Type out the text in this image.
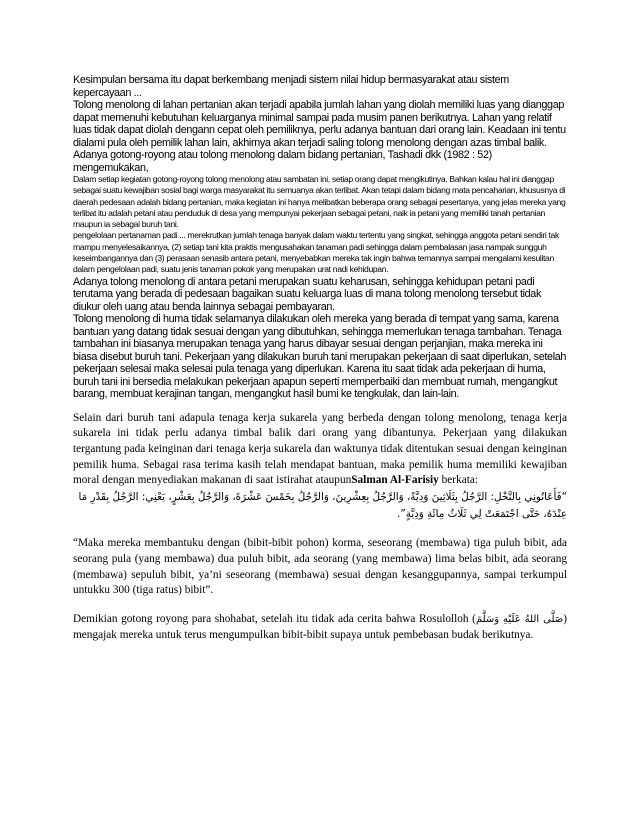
Kesimpulan bersama itu dapat berkembang menjadi sistem nilai hidup bermasyarakat atau sistem kepercayaan ...

Tolong menolong di lahan pertanian akan terjadi apabila jumlah lahan yang diolah memiliki luas yang dianggap dapat memenuhi kebutuhan keluarganya minimal sampai pada musim panen berikutnya. Lahan yang relatif luas tidak dapat diolah dengann cepat oleh pemiliknya, perlu adanya bantuan dari orang lain. Keadaan ini tentu dialami pula oleh pemilik lahan lain, akhirnya akan terjadi saling tolong menolong dengan azas timbal balik.

Adanya gotong-royong atau tolong menolong dalam bidang pertanian, Tashadi dkk (1982 : 52) mengemukakan,

Dalam setiap kegiatan gotong-royong tolong menolong atau sambatan ini, setiap orang dapat mengikutinya. Bahkan kalau hal ini dianggap sebagai suatu kewajiban sosial bagi warga masyarakat itu semuanya akan terlibat. Akan tetapi dalam bidang mata pencaharian, khususnya di daerah pedesaan adalah bidang pertanian, maka kegiatan ini hanya melibatkan beberapa orang sebagai pesertanya, yang jelas mereka yang terlibat itu adalah petani atau penduduk di desa yang mempunyai pekerjaan sebagai petani, naik ia petani yang memiliki tanah pertanian maupun ia sebagai buruh tani.

pengelolaan pertanaman padi ... merekrutkan jumlah tenaga banyak dalam waktu tertentu yang singkat, sehingga anggota petani sendiri tak mampu menyelesaikannya, (2) setiap tani kita praktis mengusahakan tanaman padi sehingga dalam pembalasan jasa nampak sungguh keseimbangannya dan (3) perasaan senasib antara petani, menyebabkan mereka tak ingin bahwa temannya sampai mengalami kesulitan dalam pengelolaan padi, suatu jenis tanaman pokok yang merupakan urat nadi kehidupan.

Adanya tolong menolong di antara petani merupakan suatu keharusan, sehingga kehidupan petani padi terutama yang berada di pedesaan bagaikan suatu keluarga luas di mana tolong menolong tersebut tidak diukur oleh uang atau benda lainnya sebagai pembayaran.

Tolong menolong di huma tidak selamanya dilakukan oleh mereka yang berada di tempat yang sama, karena bantuan yang datang tidak sesuai dengan yang dibutuhkan, sehingga memerlukan tenaga tambahan. Tenaga tambahan ini biasanya merupakan tenaga yang harus dibayar sesuai dengan perjanjian, maka mereka ini biasa disebut buruh tani. Pekerjaan yang dilakukan buruh tani merupakan pekerjaan di saat diperlukan, setelah pekerjaan selesai maka selesai pula tenaga yang diperlukan. Karena itu saat tidak ada pekerjaan di huma, buruh tani ini bersedia melakukan pekerjaan apapun seperti memperbaiki dan membuat rumah, mengangkut barang, membuat kerajinan tangan, mengangkut hasil bumi ke tengkulak, dan lain-lain.

Selain dari buruh tani adapula tenaga kerja sukarela yang berbeda dengan tolong menolong, tenaga kerja sukarela ini tidak perlu adanya timbal balik dari orang yang dibantunya. Pekerjaan yang dilakukan tergantung pada keinginan dari tenaga kerja sukarela dan waktunya tidak ditentukan sesuai dengan keinginan pemilik huma. Sebagai rasa terima kasih telah mendapat bantuan, maka pemilik huma memiliki kewajiban moral dengan menyediakan makanan di saat istirahat ataupunSalman Al-Farisiy berkata:

“فَأَعَانُونِي بِالنَّخْلِ: الرَّجُلُ بِثَلَاثِينَ وَدِيَّةً، وَالرَّجُلُ بِعِشْرِينَ، وَالرَّجُلُ بِخَمْسَ عَشْرَةَ، وَالرَّجُلُ بِعَشْرٍ، يَعْنِي: الرَّجُلُ بِقَدْرِ مَا عِنْدَهُ، حَتَّى اجْتَمَعَتْ لِي ثَلَاثُ مِائَةِ وَدِيَّةٍ”.

“Maka mereka membantuku dengan (bibit-bibit pohon) korma, seseorang (membawa) tiga puluh bibit, ada seorang pula (yang membawa) dua puluh bibit, ada seorang (yang membawa) lima belas bibit, ada seorang (membawa) sepuluh bibit, ya’ni seseorang (membawa) sesuai dengan kesanggupannya, sampai terkumpul untukku 300 (tiga ratus) bibit”.

Demikian gotong royong para shohabat, setelah itu tidak ada cerita bahwa Rosulolloh (صَلَّى اللهُ عَلَيْهِ وَسَلَّمَ) mengajak mereka untuk terus mengumpulkan bibit-bibit supaya untuk pembebasan budak berikutnya.
